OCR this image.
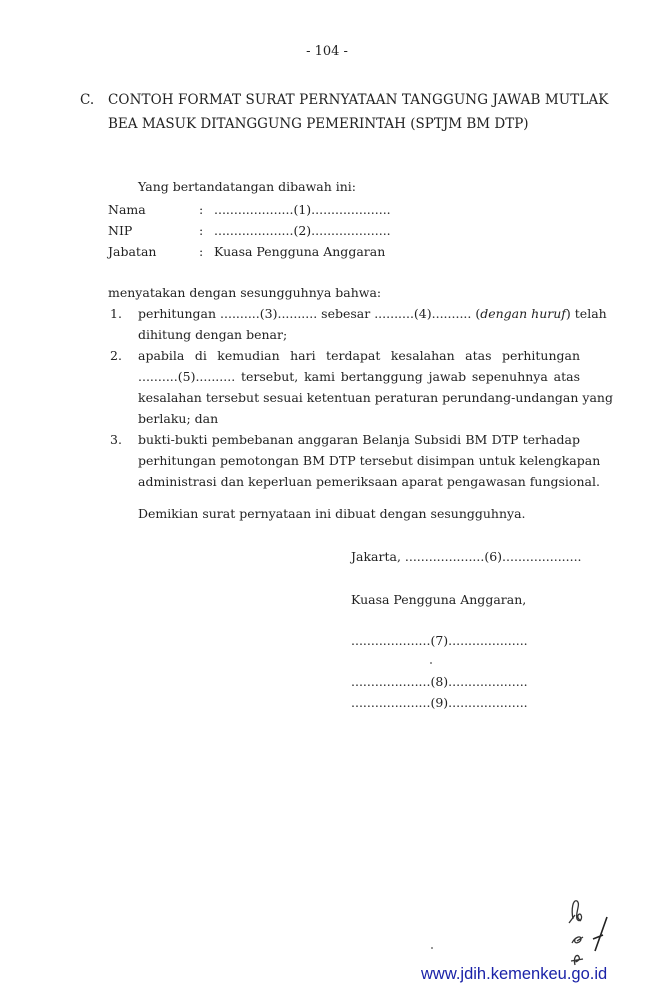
- 104 -
C. CONTOH FORMAT SURAT PERNYATAAN TANGGUNG JAWAB MUTLAK
BEA MASUK DITANGGUNG PEMERINTAH (SPTJM BM DTP)
Yang bertandatangan dibawah ini:
Nama	: ....................(1)....................
NIP	: ....................(2)....................
Jabatan	: Kuasa Pengguna Anggaran
menyatakan dengan sesungguhnya bahwa:
1. perhitungan ..........(3).......... sebesar ..........(4).......... (dengan huruf) telah
dihitung dengan benar;
2. apabila di kemudian hari terdapat kesalahan atas perhitungan
..........(5).......... tersebut, kami bertanggung jawab sepenuhnya atas
kesalahan tersebut sesuai ketentuan peraturan perundang-undangan yang
berlaku; dan
3. bukti-bukti pembebanan anggaran Belanja Subsidi BM DTP terhadap
perhitungan pemotongan BM DTP tersebut disimpan untuk kelengkapan
administrasi dan keperluan pemeriksaan aparat pengawasan fungsional.
Demikian surat pernyataan ini dibuat dengan sesungguhnya.
Jakarta, ....................(6)....................
Kuasa Pengguna Anggaran,
....................(7)....................
....................(8)....................
....................(9)....................
www.jdih.kemenkeu.go.id
